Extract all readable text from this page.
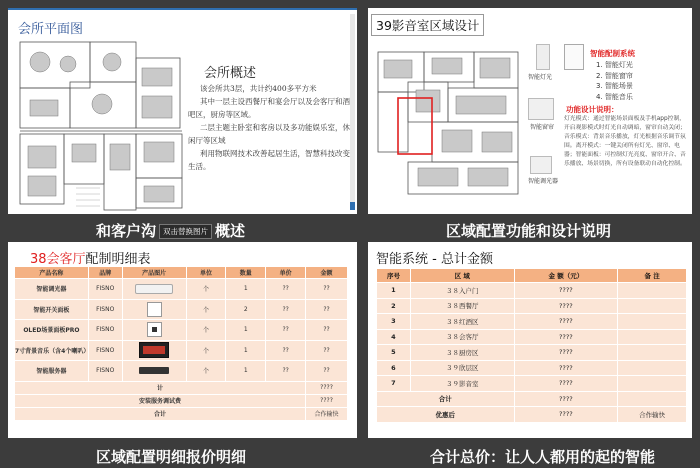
会所平面图
会所概述

该会所共3层，共计约400多平方米

其中一层主设西餐厅和宴会厅以及会客厅和酒吧区，厨房等区域。

二层主题主卧室和客房以及多功能娱乐室，休闲厅等区域

利用物联网技术改善起居生活，智慧科技改变生活。

和客户沟 双击替换图片 概述
39影音室区域设计
智能灯光
智能窗帘
智能调光器
智能配制系统
1. 智能灯光
2. 智能窗帘
3. 智能场景
4. 智能音乐
功能设计说明：
灯光模式：通过智能场景面板及手机app控制，开启观影模式时灯光自动调暗，窗帘自动关闭；音乐模式：背景音乐播放，灯光根据音乐调节氛围。离开模式：一键关闭所有灯光、窗帘、电器；智能面板：可控制灯光亮度、窗帘开合、音乐播放、场景切换，所有设备联动自动化控制。
区域配置功能和设计说明
38会客厅配制明细表
产品名称	品牌	产品图片	单位	数量	单价	金额
智能调光器	FISNO		个	1	??	??
智能开关面板	FISNO		个	2	??	??
OLED场景面板PRO	FISNO		个	1	??	??
7寸背景音乐（含4个喇叭）	FISNO		个	1	??	??
智能服务器	FISNO		个	1	??	??
计						????
安装服务调试费						????
合计						合作输快
区域配置明细报价明细
智能系统 - 总计金额
序号	区 域	金 额（元）	备 注
1	３８入户门	????	
2	３８西餐厅	????	
3	３８红酒区	????	
4	３８会客厅	????	
5	３８厨房区	????	
6	３９欣层区	????	
7	３９影音室	????	
合计		????	
优惠后		????	合作输快
合计总价：让人人都用的起的智能
